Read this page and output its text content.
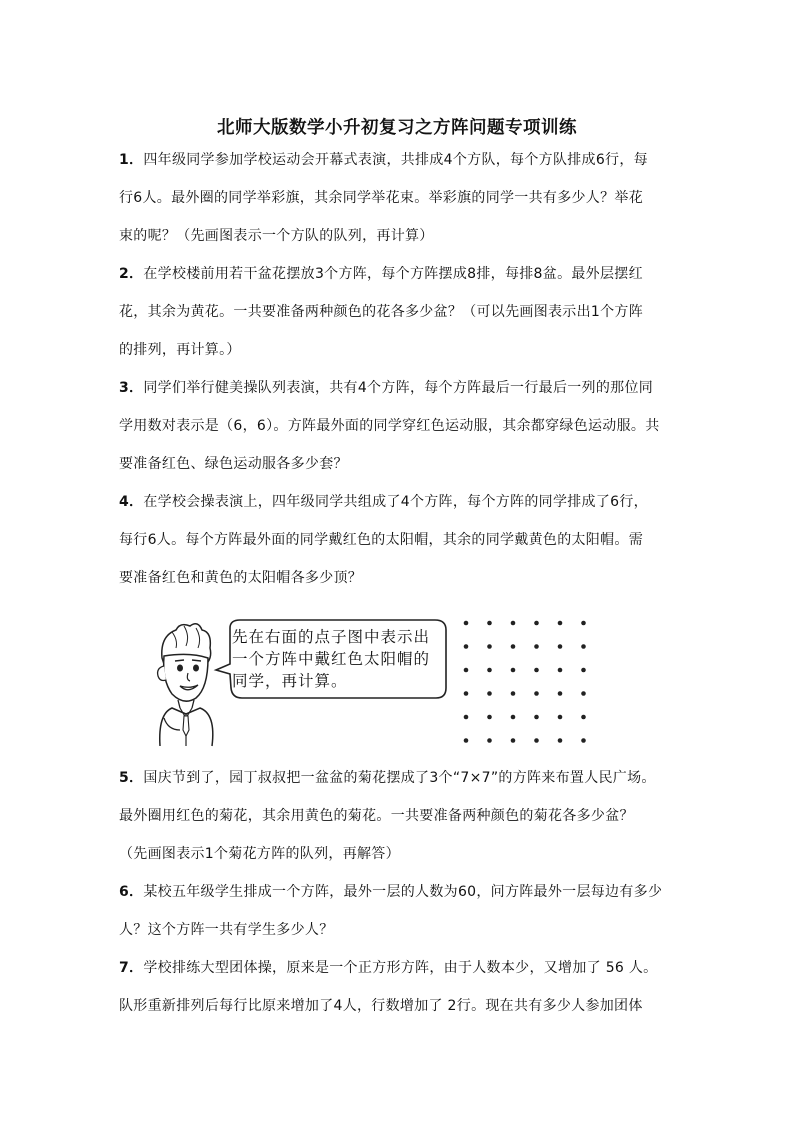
北师大版数学小升初复习之方阵问题专项训练
1．四年级同学参加学校运动会开幕式表演，共排成4个方队，每个方队排成6行，每
行6人。最外圈的同学举彩旗，其余同学举花束。举彩旗的同学一共有多少人？举花
束的呢？（先画图表示一个方队的队列，再计算）
2．在学校楼前用若干盆花摆放3个方阵，每个方阵摆成8排，每排8盆。最外层摆红
花，其余为黄花。一共要准备两种颜色的花各多少盆？（可以先画图表示出1个方阵
的排列，再计算。）
3．同学们举行健美操队列表演，共有4个方阵，每个方阵最后一行最后一列的那位同
学用数对表示是（6，6）。方阵最外面的同学穿红色运动服，其余都穿绿色运动服。共
要准备红色、绿色运动服各多少套？
4．在学校会操表演上，四年级同学共组成了4个方阵，每个方阵的同学排成了6行，
每行6人。每个方阵最外面的同学戴红色的太阳帽，其余的同学戴黄色的太阳帽。需
要准备红色和黄色的太阳帽各多少顶？
先在右面的点子图中表示出
一个方阵中戴红色太阳帽的
同学，再计算。
5．国庆节到了，园丁叔叔把一盆盆的菊花摆成了3个“7×7”的方阵来布置人民广场。
最外圈用红色的菊花，其余用黄色的菊花。一共要准备两种颜色的菊花各多少盆？
（先画图表示1个菊花方阵的队列，再解答）
6．某校五年级学生排成一个方阵，最外一层的人数为60，问方阵最外一层每边有多少
人？这个方阵一共有学生多少人？
7．学校排练大型团体操，原来是一个正方形方阵，由于人数本少，又增加了 56 人。
队形重新排列后每行比原来增加了4人，行数增加了 2行。现在共有多少人参加团体
